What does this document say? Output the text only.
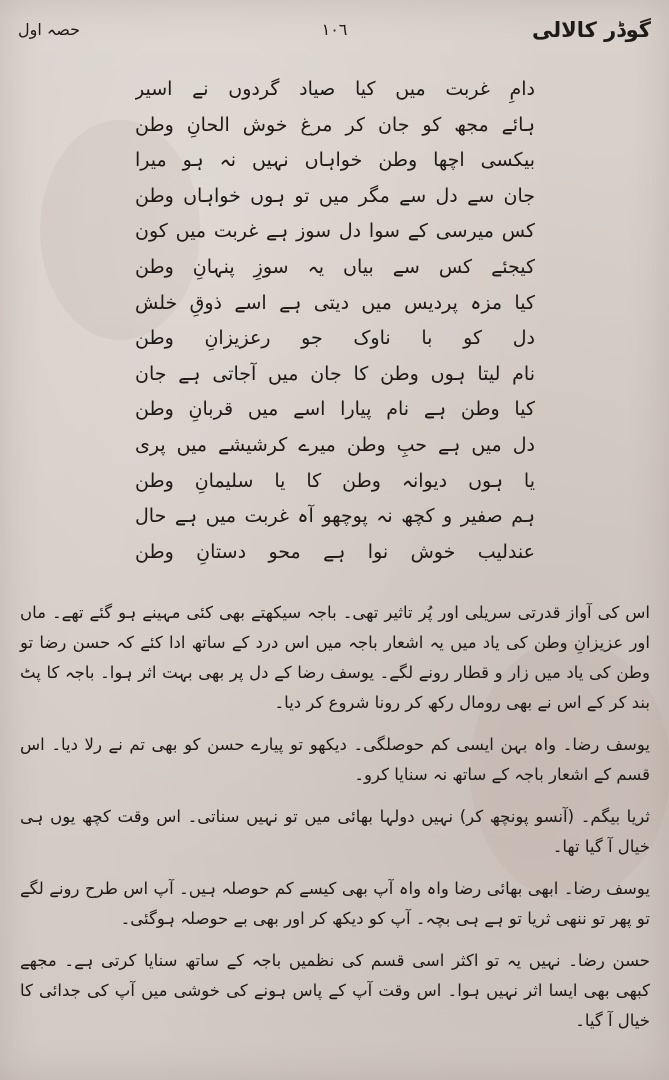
گوڈر کالالی
١٠٦
حصہ اول
دامِ غربت میں کیا صیاد گردوں نے اسیر
ہائے مجھ کو جان کر مرغ خوش الحانِ وطن
بیکسی اچھا وطن خواہاں نہیں نہ ہو میرا
جان سے دل سے مگر میں تو ہوں خواہاں وطن
کس میرسی کے سوا دل سوز ہے غربت میں کون
کیجئے کس سے بیاں یہ سوزِ پنہانِ وطن
کیا مزہ پردیس میں دیتی ہے اسے ذوقِ خلش
دل کو با ناوک جو رعزیزانِ وطن
نام لیتا ہوں وطن کا جان میں آجاتی ہے جان
کیا وطن ہے نام پیارا اسے میں قربانِ وطن
دل میں ہے حبِ وطن میرے کرشیشے میں پری
یا ہوں دیوانہ وطن کا یا سلیمانِ وطن
ہم صفیر و کچھ نہ پوچھو آہ غربت میں ہے حال
عندلیب خوش نوا ہے محو دستانِ وطن

اس کی آواز قدرتی سریلی اور پُر تاثیر تھی۔ باجہ سیکھتے بھی کئی مہینے ہو گئے تھے۔ ماں اور عزیزانِ وطن کی یاد میں یہ اشعار باجہ میں اس درد کے ساتھ ادا کئے کہ حسن رضا تو وطن کی یاد میں زار و قطار رونے لگے۔ یوسف رضا کے دل پر بھی بہت اثر ہوا۔ باجہ کا پٹ بند کر کے اس نے بھی رومال رکھ کر رونا شروع کر دیا۔

یوسف رضا۔ واہ بہن ایسی کم حوصلگی۔ دیکھو تو پیارے حسن کو بھی تم نے رلا دیا۔ اس قسم کے اشعار باجہ کے ساتھ نہ سنایا کرو۔

ثریا بیگم۔ (آنسو پونچھ کر) نہیں دولہا بھائی میں تو نہیں سناتی۔ اس وقت کچھ یوں ہی خیال آ گیا تھا۔

یوسف رضا۔ ابھی بھائی رضا واہ واہ آپ بھی کیسے کم حوصلہ ہیں۔ آپ اس طرح رونے لگے تو پھر تو ننھی ثریا تو ہے ہی بچہ۔ آپ کو دیکھ کر اور بھی بے حوصلہ ہوگئی۔

حسن رضا۔ نہیں یہ تو اکثر اسی قسم کی نظمیں باجہ کے ساتھ سنایا کرتی ہے۔ مجھے کبھی بھی ایسا اثر نہیں ہوا۔ اس وقت آپ کے پاس ہونے کی خوشی میں آپ کی جدائی کا خیال آ گیا۔
